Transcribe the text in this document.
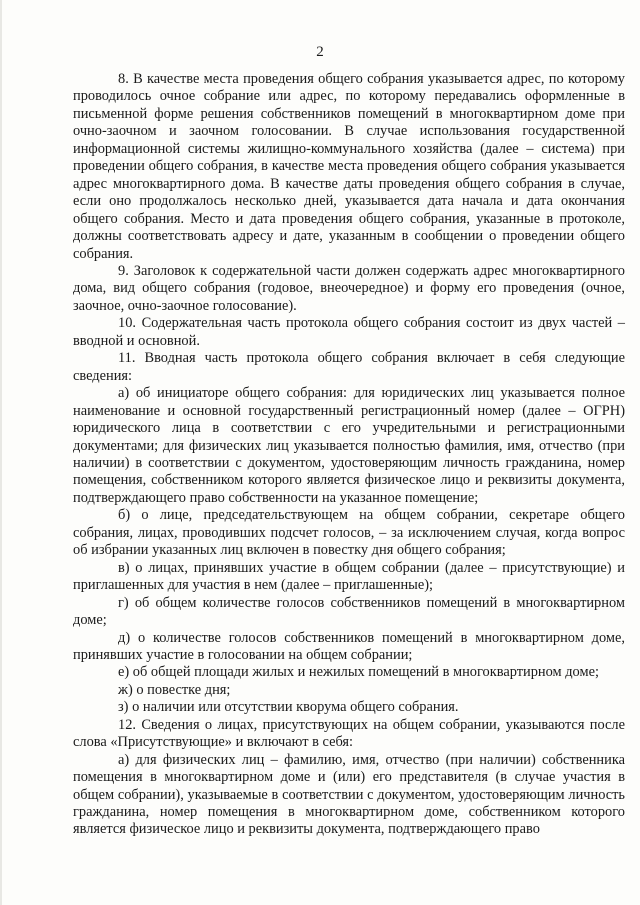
2

8. В качестве места проведения общего собрания указывается адрес, по которому проводилось очное собрание или адрес, по которому передавались оформленные в письменной форме решения собственников помещений в многоквартирном доме при очно-заочном и заочном голосовании. В случае использования государственной информационной системы жилищно-коммунального хозяйства (далее – система) при проведении общего собрания, в качестве места проведения общего собрания указывается адрес многоквартирного дома. В качестве даты проведения общего собрания в случае, если оно продолжалось несколько дней, указывается дата начала и дата окончания общего собрания. Место и дата проведения общего собрания, указанные в протоколе, должны соответствовать адресу и дате, указанным в сообщении о проведении общего собрания.

9. Заголовок к содержательной части должен содержать адрес многоквартирного дома, вид общего собрания (годовое, внеочередное) и форму его проведения (очное, заочное, очно-заочное голосование).

10. Содержательная часть протокола общего собрания состоит из двух частей – вводной и основной.

11. Вводная часть протокола общего собрания включает в себя следующие сведения:

а) об инициаторе общего собрания: для юридических лиц указывается полное наименование и основной государственный регистрационный номер (далее – ОГРН) юридического лица в соответствии с его учредительными и регистрационными документами; для физических лиц указывается полностью фамилия, имя, отчество (при наличии) в соответствии с документом, удостоверяющим личность гражданина, номер помещения, собственником которого является физическое лицо и реквизиты документа, подтверждающего право собственности на указанное помещение;

б) о лице, председательствующем на общем собрании, секретаре общего собрания, лицах, проводивших подсчет голосов, – за исключением случая, когда вопрос об избрании указанных лиц включен в повестку дня общего собрания;

в) о лицах, принявших участие в общем собрании (далее – присутствующие) и приглашенных для участия в нем (далее – приглашенные);

г) об общем количестве голосов собственников помещений в многоквартирном доме;

д) о количестве голосов собственников помещений в многоквартирном доме, принявших участие в голосовании на общем собрании;

е) об общей площади жилых и нежилых помещений в многоквартирном доме;

ж) о повестке дня;

з) о наличии или отсутствии кворума общего собрания.

12. Сведения о лицах, присутствующих на общем собрании, указываются после слова «Присутствующие» и включают в себя:

а) для физических лиц – фамилию, имя, отчество (при наличии) собственника помещения в многоквартирном доме и (или) его представителя (в случае участия в общем собрании), указываемые в соответствии с документом, удостоверяющим личность гражданина, номер помещения в многоквартирном доме, собственником которого является физическое лицо и реквизиты документа, подтверждающего право
